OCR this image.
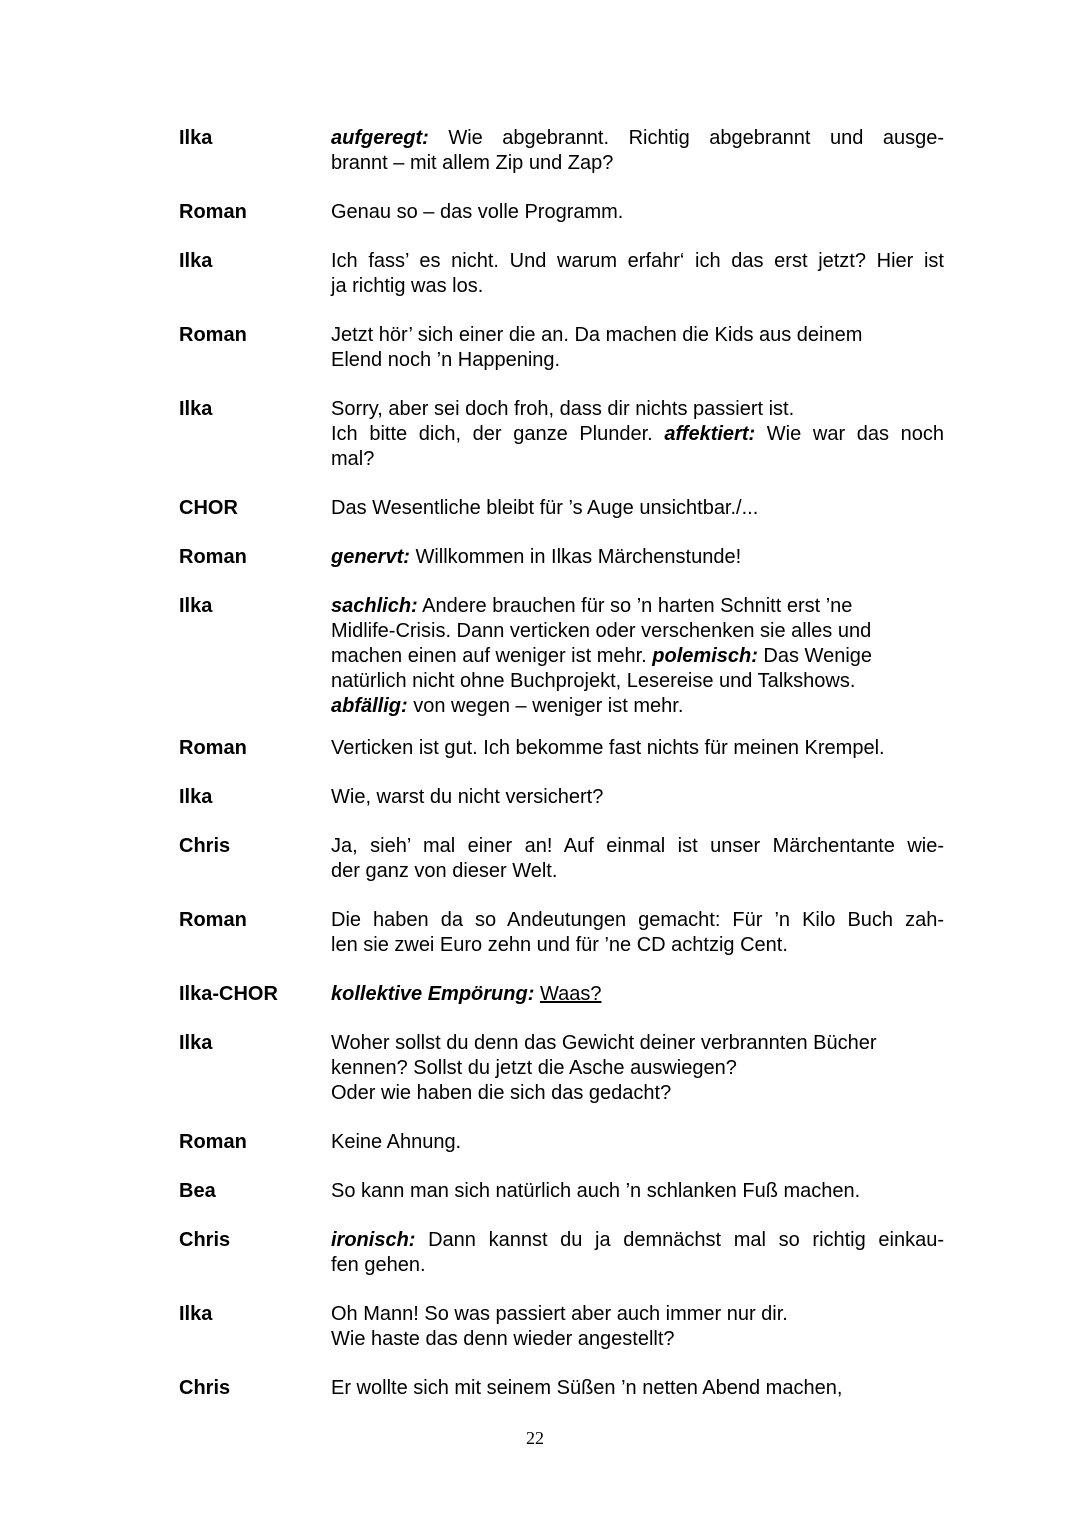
Ilka	aufgeregt: Wie abgebrannt. Richtig abgebrannt und ausge-
brannt – mit allem Zip und Zap?
Roman	Genau so – das volle Programm.
Ilka	Ich fass’ es nicht. Und warum erfahr‘ ich das erst jetzt? Hier ist
ja richtig was los.
Roman	Jetzt hör’ sich einer die an. Da machen die Kids aus deinem
Elend noch ’n Happening.
Ilka	Sorry, aber sei doch froh, dass dir nichts passiert ist.
Ich bitte dich, der ganze Plunder. affektiert: Wie war das noch
mal?
CHOR	Das Wesentliche bleibt für ’s Auge unsichtbar./...
Roman	genervt: Willkommen in Ilkas Märchenstunde!
Ilka	sachlich: Andere brauchen für so ’n harten Schnitt erst ’ne
Midlife-Crisis. Dann verticken oder verschenken sie alles und
machen einen auf weniger ist mehr. polemisch: Das Wenige
natürlich nicht ohne Buchprojekt, Lesereise und Talkshows.
abfällig: von wegen – weniger ist mehr.
Roman	Verticken ist gut. Ich bekomme fast nichts für meinen Krempel.
Ilka	Wie, warst du nicht versichert?
Chris	Ja, sieh’ mal einer an! Auf einmal ist unser Märchentante wie-
der ganz von dieser Welt.
Roman	Die haben da so Andeutungen gemacht: Für ’n Kilo Buch zah-
len sie zwei Euro zehn und für ’ne CD achtzig Cent.
Ilka-CHOR	kollektive Empörung: Waas?
Ilka	Woher sollst du denn das Gewicht deiner verbrannten Bücher
kennen? Sollst du jetzt die Asche auswiegen?
Oder wie haben die sich das gedacht?
Roman	Keine Ahnung.
Bea	So kann man sich natürlich auch ’n schlanken Fuß machen.
Chris	ironisch: Dann kannst du ja demnächst mal so richtig einkau-
fen gehen.
Ilka	Oh Mann! So was passiert aber auch immer nur dir.
Wie haste das denn wieder angestellt?
Chris	Er wollte sich mit seinem Süßen ’n netten Abend machen,
22
